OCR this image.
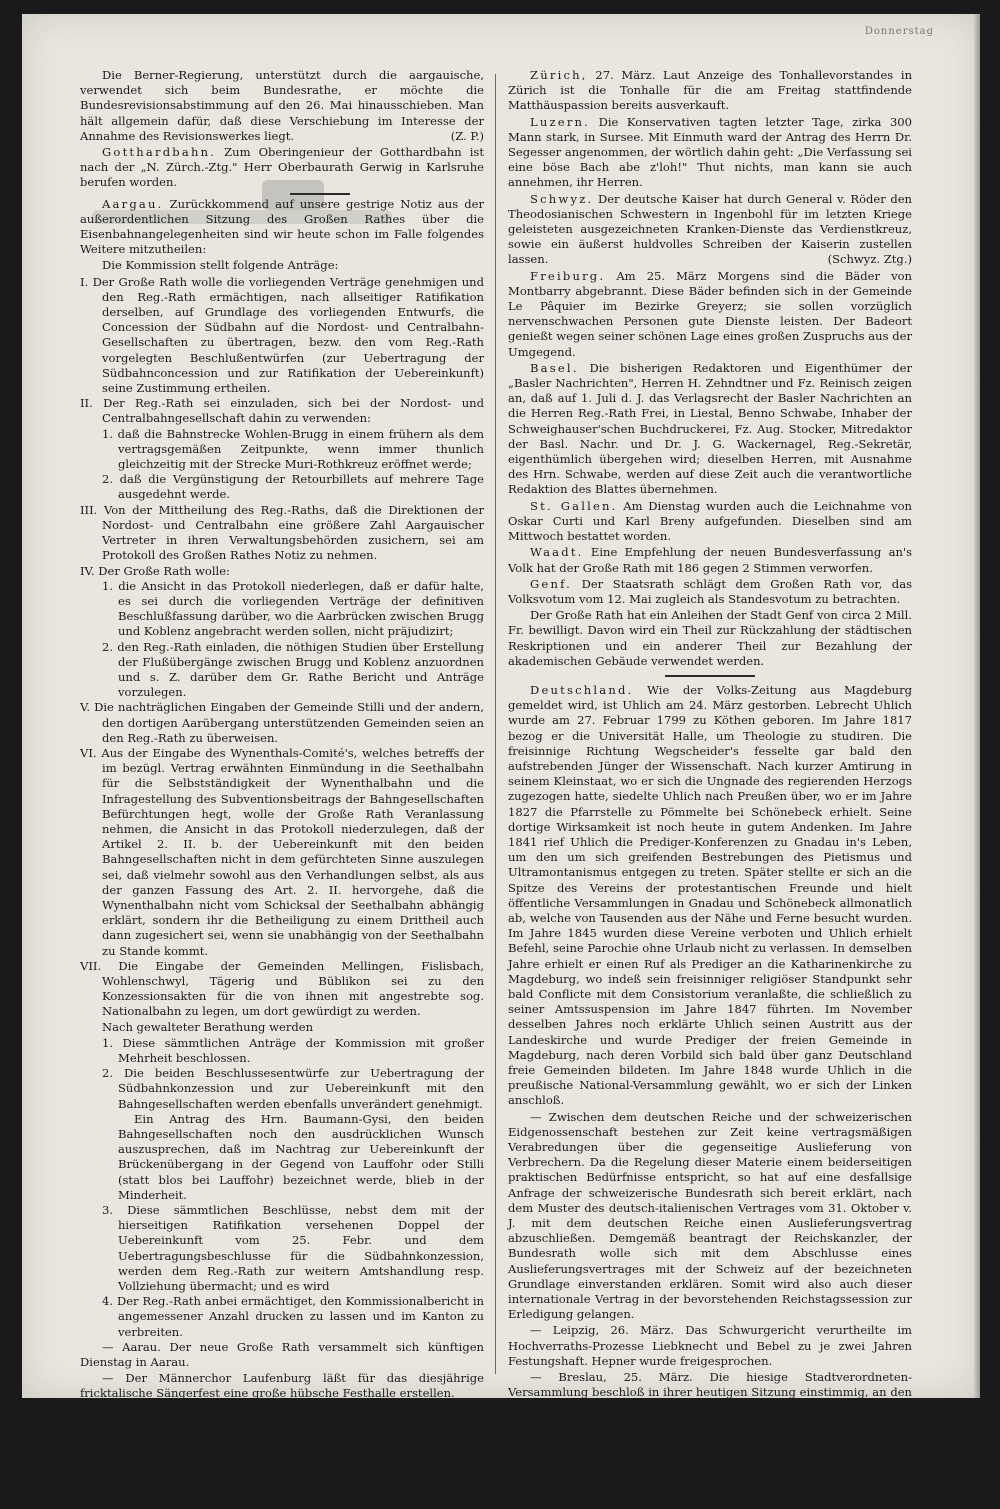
Donnerstag

Die Berner-Regierung, unterstützt durch die aargauische, verwendet sich beim Bundesrathe, er möchte die Bundesrevisionsabstimmung auf den 26. Mai hinausschieben. Man hält allgemein dafür, daß diese Verschiebung im Interesse der Annahme des Revisionswerkes liegt.	(Z. P.)

Gotthardbahn. Zum Oberingenieur der Gotthardbahn ist nach der „N. Zürch.-Ztg." Herr Oberbaurath Gerwig in Karlsruhe berufen worden.

Aargau. Zurückkommend auf unsere gestrige Notiz aus der außerordentlichen Sitzung des Großen Rathes über die Eisenbahnangelegenheiten sind wir heute schon im Falle folgendes Weitere mitzutheilen:

Die Kommission stellt folgende Anträge:

I. Der Große Rath wolle die vorliegenden Verträge genehmigen und den Reg.-Rath ermächtigen, nach allseitiger Ratifikation derselben, auf Grundlage des vorliegenden Entwurfs, die Concession der Südbahn auf die Nordost- und Centralbahn-Gesellschaften zu übertragen, bezw. den vom Reg.-Rath vorgelegten Beschlußentwürfen (zur Uebertragung der Südbahnconcession und zur Ratifikation der Uebereinkunft) seine Zustimmung ertheilen.

II. Der Reg.-Rath sei einzuladen, sich bei der Nordost- und Centralbahngesellschaft dahin zu verwenden:

1. daß die Bahnstrecke Wohlen-Brugg in einem frühern als dem vertragsgemäßen Zeitpunkte, wenn immer thunlich gleichzeitig mit der Strecke Muri-Rothkreuz eröffnet werde;

2. daß die Vergünstigung der Retourbillets auf mehrere Tage ausgedehnt werde.

III. Von der Mittheilung des Reg.-Raths, daß die Direktionen der Nordost- und Centralbahn eine größere Zahl Aargauischer Vertreter in ihren Verwaltungsbehörden zusichern, sei am Protokoll des Großen Rathes Notiz zu nehmen.

IV. Der Große Rath wolle:

1. die Ansicht in das Protokoll niederlegen, daß er dafür halte, es sei durch die vorliegenden Verträge der definitiven Beschlußfassung darüber, wo die Aarbrücken zwischen Brugg und Koblenz angebracht werden sollen, nicht präjudizirt;

2. den Reg.-Rath einladen, die nöthigen Studien über Erstellung der Flußübergänge zwischen Brugg und Koblenz anzuordnen und s. Z. darüber dem Gr. Rathe Bericht und Anträge vorzulegen.

V. Die nachträglichen Eingaben der Gemeinde Stilli und der andern, den dortigen Aarübergang unterstützenden Gemeinden seien an den Reg.-Rath zu überweisen.

VI. Aus der Eingabe des Wynenthals-Comité's, welches betreffs der im bezügl. Vertrag erwähnten Einmündung in die Seethalbahn für die Selbstständigkeit der Wynenthalbahn und die Infragestellung des Subventionsbeitrags der Bahngesellschaften Befürchtungen hegt, wolle der Große Rath Veranlassung nehmen, die Ansicht in das Protokoll niederzulegen, daß der Artikel 2. II. b. der Uebereinkunft mit den beiden Bahngesellschaften nicht in dem gefürchteten Sinne auszulegen sei, daß vielmehr sowohl aus den Verhandlungen selbst, als aus der ganzen Fassung des Art. 2. II. hervorgehe, daß die Wynenthalbahn nicht vom Schicksal der Seethalbahn abhängig erklärt, sondern ihr die Betheiligung zu einem Drittheil auch dann zugesichert sei, wenn sie unabhängig von der Seethalbahn zu Stande kommt.

VII. Die Eingabe der Gemeinden Mellingen, Fislisbach, Wohlenschwyl, Tägerig und Büblikon sei zu den Konzessionsakten für die von ihnen mit angestrebte sog. Nationalbahn zu legen, um dort gewürdigt zu werden.

Nach gewalteter Berathung werden

1. Diese sämmtlichen Anträge der Kommission mit großer Mehrheit beschlossen.

2. Die beiden Beschlussesentwürfe zur Uebertragung der Südbahnkonzession und zur Uebereinkunft mit den Bahngesellschaften werden ebenfalls unverändert genehmigt.

Ein Antrag des Hrn. Baumann-Gysi, den beiden Bahngesellschaften noch den ausdrücklichen Wunsch auszusprechen, daß im Nachtrag zur Uebereinkunft der Brückenübergang in der Gegend von Lauffohr oder Stilli (statt blos bei Lauffohr) bezeichnet werde, blieb in der Minderheit.

3. Diese sämmtlichen Beschlüsse, nebst dem mit der hierseitigen Ratifikation versehenen Doppel der Uebereinkunft vom 25. Febr. und dem Uebertragungsbeschlusse für die Südbahnkonzession, werden dem Reg.-Rath zur weitern Amtshandlung resp. Vollziehung übermacht; und es wird

4. Der Reg.-Rath anbei ermächtiget, den Kommissionalbericht in angemessener Anzahl drucken zu lassen und im Kanton zu verbreiten.

— Aarau. Der neue Große Rath versammelt sich künftigen Dienstag in Aarau.

— Der Männerchor Laufenburg läßt für das diesjährige fricktalische Sängerfest eine große hübsche Festhalle erstellen.

Bern. Dienstag Mittag hat hier der an der Postgasse wohnende Christian Moni, gewesener Bäckermeister, durch einen Pistolenschuß in den Kopf seinem Leben ein Ende gemacht. Die in Folge von Trunksucht entstandene Zerrüttung seiner ökonomischen Verhältnisse sollen ihn zu dieser Verzweiflungsthat veranlaßt haben.
(Bern. Ztg.)

Zürich, 27. März. Laut Anzeige des Tonhallevorstandes in Zürich ist die Tonhalle für die am Freitag stattfindende Matthäuspassion bereits ausverkauft.

Luzern. Die Konservativen tagten letzter Tage, zirka 300 Mann stark, in Sursee. Mit Einmuth ward der Antrag des Herrn Dr. Segesser angenommen, der wörtlich dahin geht: „Die Verfassung sei eine böse Bach abe z'loh!" Thut nichts, man kann sie auch annehmen, ihr Herren.

Schwyz. Der deutsche Kaiser hat durch General v. Röder den Theodosianischen Schwestern in Ingenbohl für im letzten Kriege geleisteten ausgezeichneten Kranken-Dienste das Verdienstkreuz, sowie ein äußerst huldvolles Schreiben der Kaiserin zustellen lassen.	(Schwyz. Ztg.)

Freiburg. Am 25. März Morgens sind die Bäder von Montbarry abgebrannt. Diese Bäder befinden sich in der Gemeinde Le Pâquier im Bezirke Greyerz; sie sollen vorzüglich nervenschwachen Personen gute Dienste leisten. Der Badeort genießt wegen seiner schönen Lage eines großen Zuspruchs aus der Umgegend.

Basel. Die bisherigen Redaktoren und Eigenthümer der „Basler Nachrichten", Herren H. Zehndtner und Fz. Reinisch zeigen an, daß auf 1. Juli d. J. das Verlagsrecht der Basler Nachrichten an die Herren Reg.-Rath Frei, in Liestal, Benno Schwabe, Inhaber der Schweighauser'schen Buchdruckerei, Fz. Aug. Stocker, Mitredaktor der Basl. Nachr. und Dr. J. G. Wackernagel, Reg.-Sekretär, eigenthümlich übergehen wird; dieselben Herren, mit Ausnahme des Hrn. Schwabe, werden auf diese Zeit auch die verantwortliche Redaktion des Blattes übernehmen.

St. Gallen. Am Dienstag wurden auch die Leichnahme von Oskar Curti und Karl Breny aufgefunden. Dieselben sind am Mittwoch bestattet worden.

Waadt. Eine Empfehlung der neuen Bundesverfassung an's Volk hat der Große Rath mit 186 gegen 2 Stimmen verworfen.

Genf. Der Staatsrath schlägt dem Großen Rath vor, das Volksvotum vom 12. Mai zugleich als Standesvotum zu betrachten.

Der Große Rath hat ein Anleihen der Stadt Genf von circa 2 Mill. Fr. bewilligt. Davon wird ein Theil zur Rückzahlung der städtischen Reskriptionen und ein anderer Theil zur Bezahlung der akademischen Gebäude verwendet werden.

Deutschland. Wie der Volks-Zeitung aus Magdeburg gemeldet wird, ist Uhlich am 24. März gestorben. Lebrecht Uhlich wurde am 27. Februar 1799 zu Köthen geboren. Im Jahre 1817 bezog er die Universität Halle, um Theologie zu studiren. Die freisinnige Richtung Wegscheider's fesselte gar bald den aufstrebenden Jünger der Wissenschaft. Nach kurzer Amtirung in seinem Kleinstaat, wo er sich die Ungnade des regierenden Herzogs zugezogen hatte, siedelte Uhlich nach Preußen über, wo er im Jahre 1827 die Pfarrstelle zu Pömmelte bei Schönebeck erhielt. Seine dortige Wirksamkeit ist noch heute in gutem Andenken. Im Jahre 1841 rief Uhlich die Prediger-Konferenzen zu Gnadau in's Leben, um den um sich greifenden Bestrebungen des Pietismus und Ultramontanismus entgegen zu treten. Später stellte er sich an die Spitze des Vereins der protestantischen Freunde und hielt öffentliche Versammlungen in Gnadau und Schönebeck allmonatlich ab, welche von Tausenden aus der Nähe und Ferne besucht wurden. Im Jahre 1845 wurden diese Vereine verboten und Uhlich erhielt Befehl, seine Parochie ohne Urlaub nicht zu verlassen. In demselben Jahre erhielt er einen Ruf als Prediger an die Katharinenkirche zu Magdeburg, wo indeß sein freisinniger religiöser Standpunkt sehr bald Conflicte mit dem Consistorium veranlaßte, die schließlich zu seiner Amtssuspension im Jahre 1847 führten. Im November desselben Jahres noch erklärte Uhlich seinen Austritt aus der Landeskirche und wurde Prediger der freien Gemeinde in Magdeburg, nach deren Vorbild sich bald über ganz Deutschland freie Gemeinden bildeten. Im Jahre 1848 wurde Uhlich in die preußische National-Versammlung gewählt, wo er sich der Linken anschloß.

— Zwischen dem deutschen Reiche und der schweizerischen Eidgenossenschaft bestehen zur Zeit keine vertragsmäßigen Verabredungen über die gegenseitige Auslieferung von Verbrechern. Da die Regelung dieser Materie einem beiderseitigen praktischen Bedürfnisse entspricht, so hat auf eine desfallsige Anfrage der schweizerische Bundesrath sich bereit erklärt, nach dem Muster des deutsch-italienischen Vertrages vom 31. Oktober v. J. mit dem deutschen Reiche einen Auslieferungsvertrag abzuschließen. Demgemäß beantragt der Reichskanzler, der Bundesrath wolle sich mit dem Abschlusse eines Auslieferungsvertrages mit der Schweiz auf der bezeichneten Grundlage einverstanden erklären. Somit wird also auch dieser internationale Vertrag in der bevorstehenden Reichstagssession zur Erledigung gelangen.

— Leipzig, 26. März. Das Schwurgericht verurtheilte im Hochverraths-Prozesse Liebknecht und Bebel zu je zwei Jahren Festungshaft. Hepner wurde freigesprochen.

— Breslau, 25. März. Die hiesige Stadtverordneten-Versammlung beschloß in ihrer heutigen Sitzung einstimmig, an den Ober-Bürgermeister Hobrecht eine Adresse mit der dringenden Bitte zu richten, derselbe möge Ober-Bürgermeister der Stadt Breslau bleiben, welche seine hervorragenden Verdienste durch ihre Verträge dankbar anerkenne.

Paris, 25. März. Heute Morgen um 8 Uhr brach ein großes Feuer auf dem Boulevard Mazas, Ecke der Straße Charenton, aus. Drei Häuser brannten ab. Das Feuer war in einem Haufen Holzspäne ent-
